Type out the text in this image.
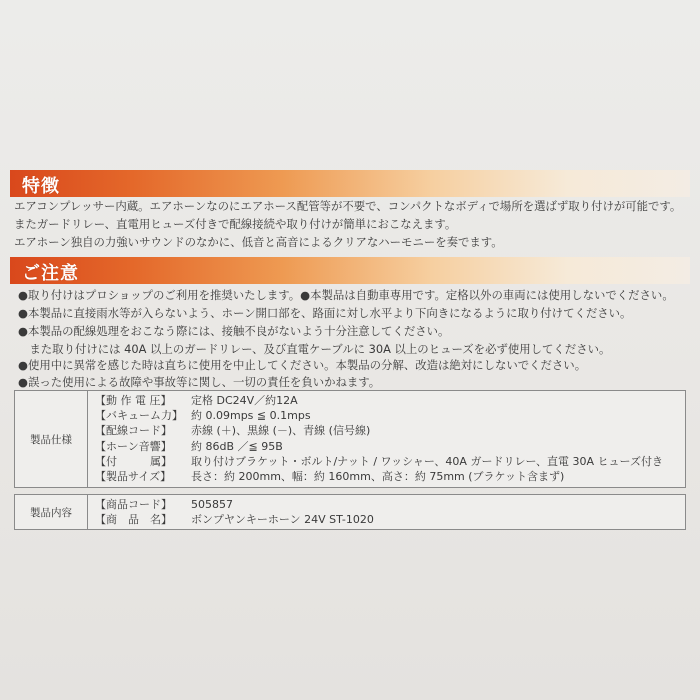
特徴
エアコンプレッサー内蔵。エアホーンなのにエアホース配管等が不要で、コンパクトなボディで場所を選ばず取り付けが可能です。
またガードリレー、直電用ヒューズ付きで配線接続や取り付けが簡単におこなえます。
エアホーン独自の力強いサウンドのなかに、低音と高音によるクリアなハーモニーを奏でます。
ご注意
●取り付けはプロショップのご利用を推奨いたします。●本製品は自動車専用です。定格以外の車両には使用しないでください。
●本製品に直接雨水等が入らないよう、ホーン開口部を、路面に対し水平より下向きになるように取り付けてください。
●本製品の配線処理をおこなう際には、接触不良がないよう十分注意してください。
　また取り付けには 40A 以上のガードリレー、及び直電ケーブルに 30A 以上のヒューズを必ず使用してください。
●使用中に異常を感じた時は直ちに使用を中止してください。本製品の分解、改造は絶対にしないでください。
●誤った使用による故障や事故等に関し、一切の責任を負いかねます。
製品仕様
【動 作 電 圧】	定格 DC24V／約12A
【バキューム力】 約 0.09mps ≦ 0.1mps
【配線コード】	赤線 (＋)、黒線 (－)、青線 (信号線)
【ホーン音響】	約 86dB ／≦ 95B
【付　　　属】	取り付けブラケット・ボルト/ナット / ワッシャー、40A ガードリレー、直電 30A ヒューズ付き
【製品サイズ】	長さ：約 200mm、幅：約 160mm、高さ：約 75mm (ブラケット含まず)
製品内容
【商品コード】	505857
【商　品　名】	ボンプヤンキーホーン 24V ST-1020
